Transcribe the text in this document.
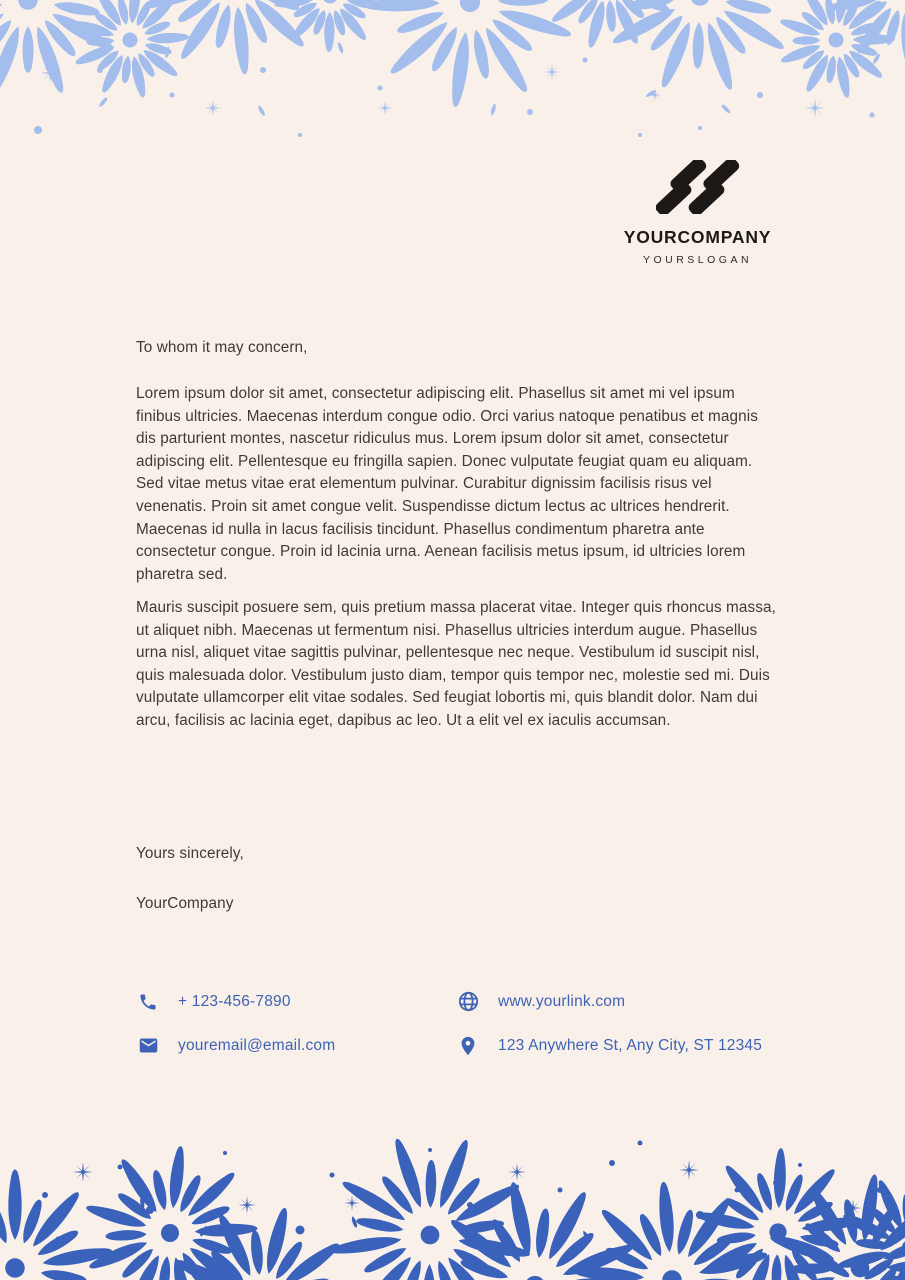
YOURCOMPANY
YOURSLOGAN

To whom it may concern,

Lorem ipsum dolor sit amet, consectetur adipiscing elit. Phasellus sit amet mi vel ipsum finibus ultricies. Maecenas interdum congue odio. Orci varius natoque penatibus et magnis dis parturient montes, nascetur ridiculus mus. Lorem ipsum dolor sit amet, consectetur adipiscing elit. Pellentesque eu fringilla sapien. Donec vulputate feugiat quam eu aliquam. Sed vitae metus vitae erat elementum pulvinar. Curabitur dignissim facilisis risus vel venenatis. Proin sit amet congue velit. Suspendisse dictum lectus ac ultrices hendrerit. Maecenas id nulla in lacus facilisis tincidunt. Phasellus condimentum pharetra ante consectetur congue. Proin id lacinia urna. Aenean facilisis metus ipsum, id ultricies lorem pharetra sed.

Mauris suscipit posuere sem, quis pretium massa placerat vitae. Integer quis rhoncus massa, ut aliquet nibh. Maecenas ut fermentum nisi. Phasellus ultricies interdum augue. Phasellus urna nisl, aliquet vitae sagittis pulvinar, pellentesque nec neque. Vestibulum id suscipit nisl, quis malesuada dolor. Vestibulum justo diam, tempor quis tempor nec, molestie sed mi. Duis vulputate ullamcorper elit vitae sodales. Sed feugiat lobortis mi, quis blandit dolor. Nam dui arcu, facilisis ac lacinia eget, dapibus ac leo. Ut a elit vel ex iaculis accumsan.

Yours sincerely,

YourCompany

+ 123-456-7890	www.yourlink.com
youremail@email.com	123 Anywhere St, Any City, ST 12345
